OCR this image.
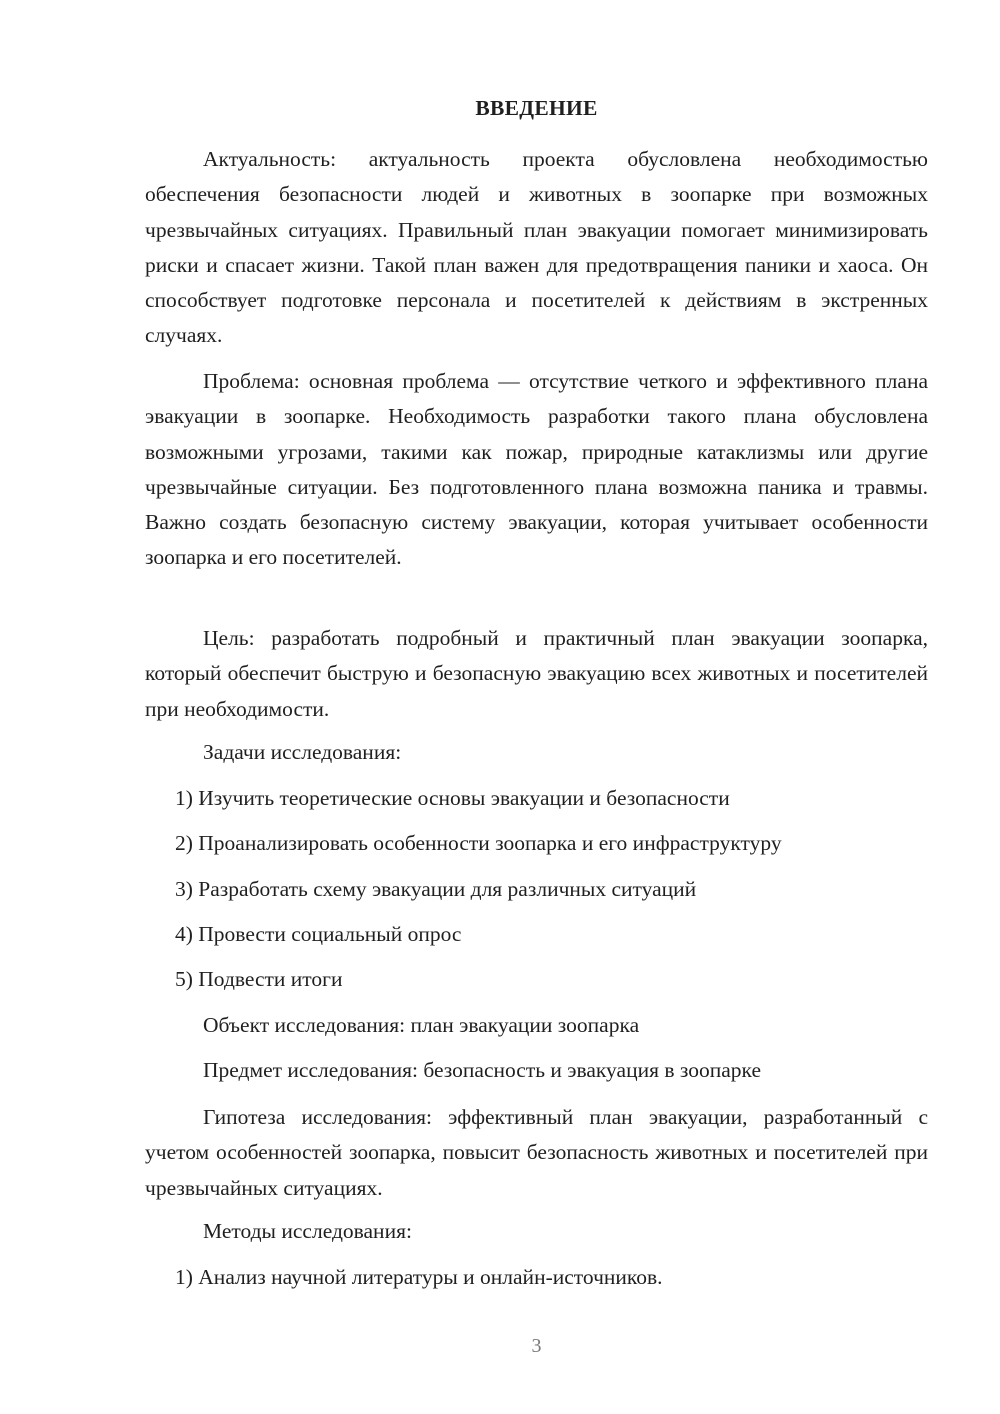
ВВЕДЕНИЕ

Актуальность: актуальность проекта обусловлена необходимостью обеспечения безопасности людей и животных в зоопарке при возможных чрезвычайных ситуациях. Правильный план эвакуации помогает минимизировать риски и спасает жизни. Такой план важен для предотвращения паники и хаоса. Он способствует подготовке персонала и посетителей к действиям в экстренных случаях.

Проблема: основная проблема — отсутствие четкого и эффективного плана эвакуации в зоопарке. Необходимость разработки такого плана обусловлена возможными угрозами, такими как пожар, природные катаклизмы или другие чрезвычайные ситуации. Без подготовленного плана возможна паника и травмы. Важно создать безопасную систему эвакуации, которая учитывает особенности зоопарка и его посетителей.

Цель: разработать подробный и практичный план эвакуации зоопарка, который обеспечит быструю и безопасную эвакуацию всех животных и посетителей при необходимости.

Задачи исследования:

1) Изучить теоретические основы эвакуации и безопасности

2) Проанализировать особенности зоопарка и его инфраструктуру

3) Разработать схему эвакуации для различных ситуаций

4) Провести социальный опрос

5) Подвести итоги

Объект исследования: план эвакуации зоопарка

Предмет исследования: безопасность и эвакуация в зоопарке

Гипотеза исследования: эффективный план эвакуации, разработанный с учетом особенностей зоопарка, повысит безопасность животных и посетителей при чрезвычайных ситуациях.

Методы исследования:

1) Анализ научной литературы и онлайн-источников.

3
